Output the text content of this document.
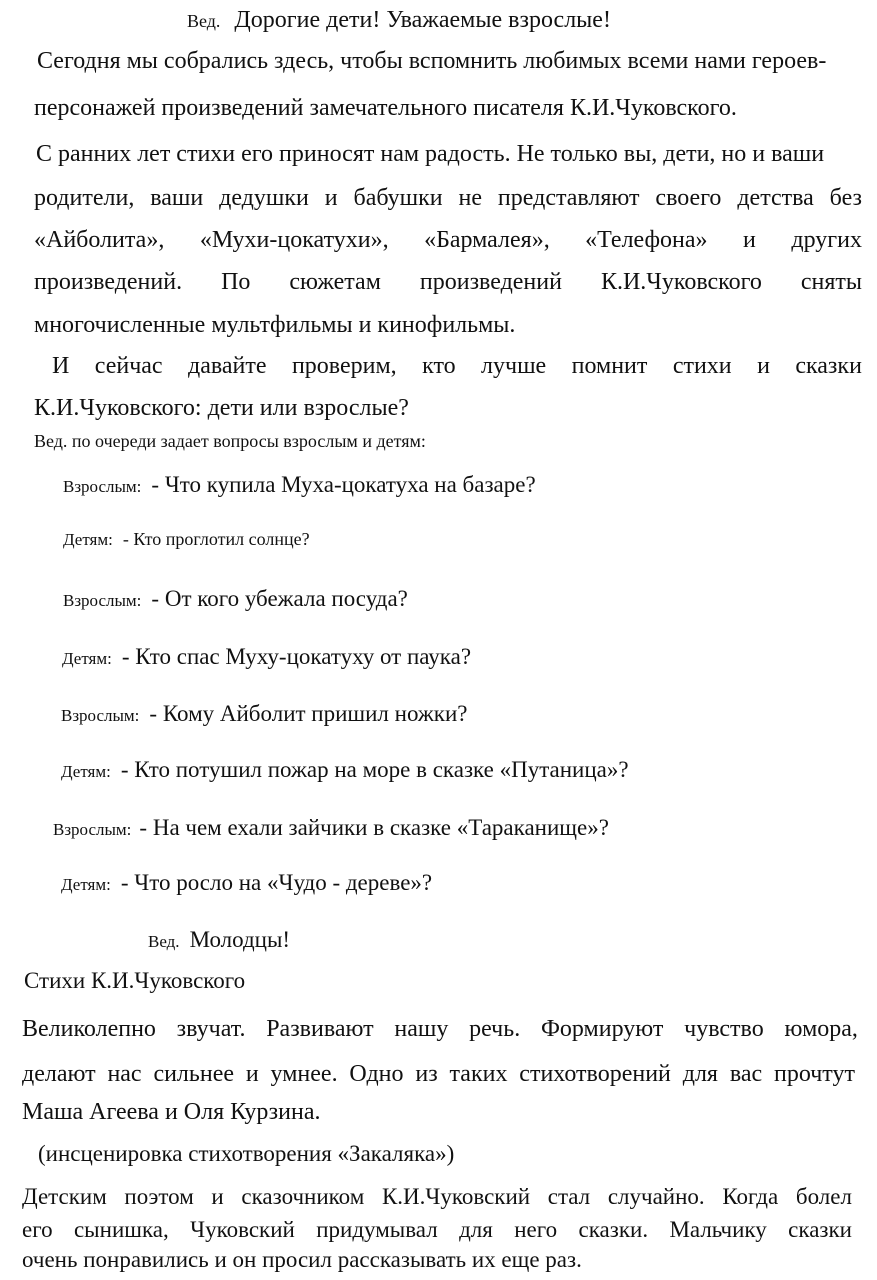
Вед. Дорогие дети! Уважаемые взрослые!
Сегодня мы собрались здесь, чтобы вспомнить любимых всеми нами героев-
персонажей произведений замечательного писателя К.И.Чуковского.
С ранних лет стихи его приносят нам радость. Не только вы, дети, но и ваши
родители, ваши дедушки и бабушки не представляют своего детства без
«Айболита», «Мухи-цокатухи», «Бармалея», «Телефона» и других
произведений. По сюжетам произведений К.И.Чуковского сняты
многочисленные мультфильмы и кинофильмы.
И сейчас давайте проверим, кто лучше помнит стихи и сказки
К.И.Чуковского: дети или взрослые?
Вед. по очереди задает вопросы взрослым и детям:
Взрослым: - Что купила Муха-цокатуха на базаре?
Детям: - Кто проглотил солнце?
Взрослым: - От кого убежала посуда?
Детям: - Кто спас Муху-цокатуху от паука?
Взрослым: - Кому Айболит пришил ножки?
Детям: - Кто потушил пожар на море в сказке «Путаница»?
Взрослым: - На чем ехали зайчики в сказке «Тараканище»?
Детям: - Что росло на «Чудо - дереве»?
Вед. Молодцы!
Стихи К.И.Чуковского
Великолепно звучат. Развивают нашу речь. Формируют чувство юмора,
делают нас сильнее и умнее. Одно из таких стихотворений для вас прочтут
Маша Агеева и Оля Курзина.
(инсценировка стихотворения «Закаляка»)
Детским поэтом и сказочником К.И.Чуковский стал случайно. Когда болел
его сынишка, Чуковский придумывал для него сказки. Мальчику сказки
очень понравились и он просил рассказывать их еще раз.
